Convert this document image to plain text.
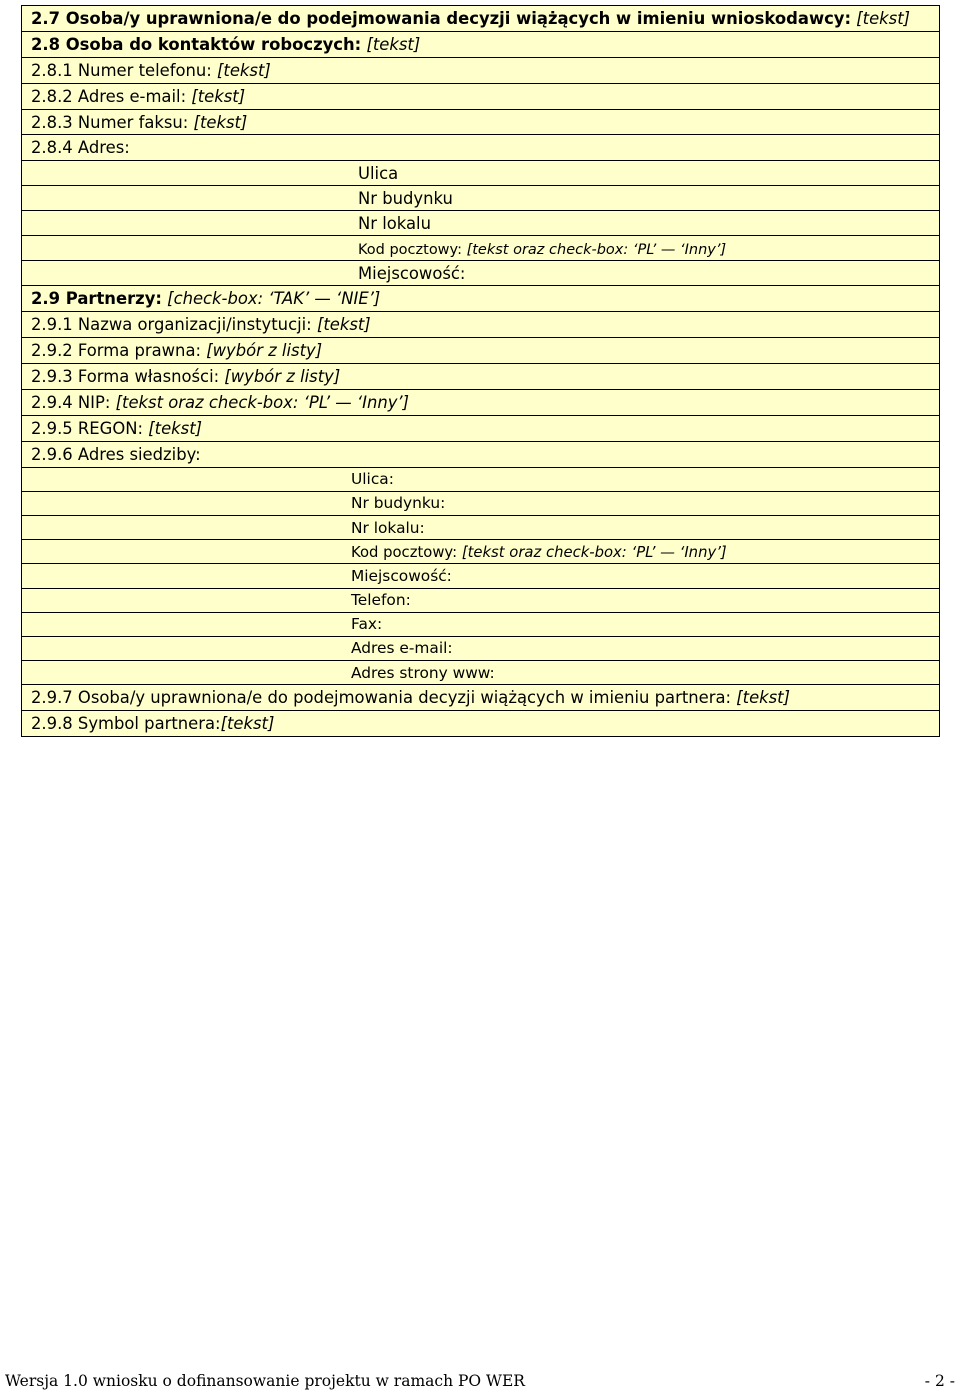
2.7 Osoba/y uprawniona/e do podejmowania decyzji wiążących w imieniu wnioskodawcy: [tekst]
2.8 Osoba do kontaktów roboczych: [tekst]
2.8.1 Numer telefonu: [tekst]
2.8.2 Adres e-mail: [tekst]
2.8.3 Numer faksu: [tekst]
2.8.4 Adres:
Ulica
Nr budynku
Nr lokalu
Kod pocztowy: [tekst oraz check-box: ‘PL’ — ‘Inny’]
Miejscowość:
2.9 Partnerzy: [check-box: ‘TAK’ — ‘NIE’]
2.9.1 Nazwa organizacji/instytucji: [tekst]
2.9.2 Forma prawna: [wybór z listy]
2.9.3 Forma własności: [wybór z listy]
2.9.4 NIP: [tekst oraz check-box: ‘PL’ — ‘Inny’]
2.9.5 REGON: [tekst]
2.9.6 Adres siedziby:
Ulica:
Nr budynku:
Nr lokalu:
Kod pocztowy: [tekst oraz check-box: ‘PL’ — ‘Inny’]
Miejscowość:
Telefon:
Fax:
Adres e-mail:
Adres strony www:
2.9.7 Osoba/y uprawniona/e do podejmowania decyzji wiążących w imieniu partnera: [tekst]
2.9.8 Symbol partnera:[tekst]
Wersja 1.0 wniosku o dofinansowanie projektu w ramach PO WER	- 2 -
